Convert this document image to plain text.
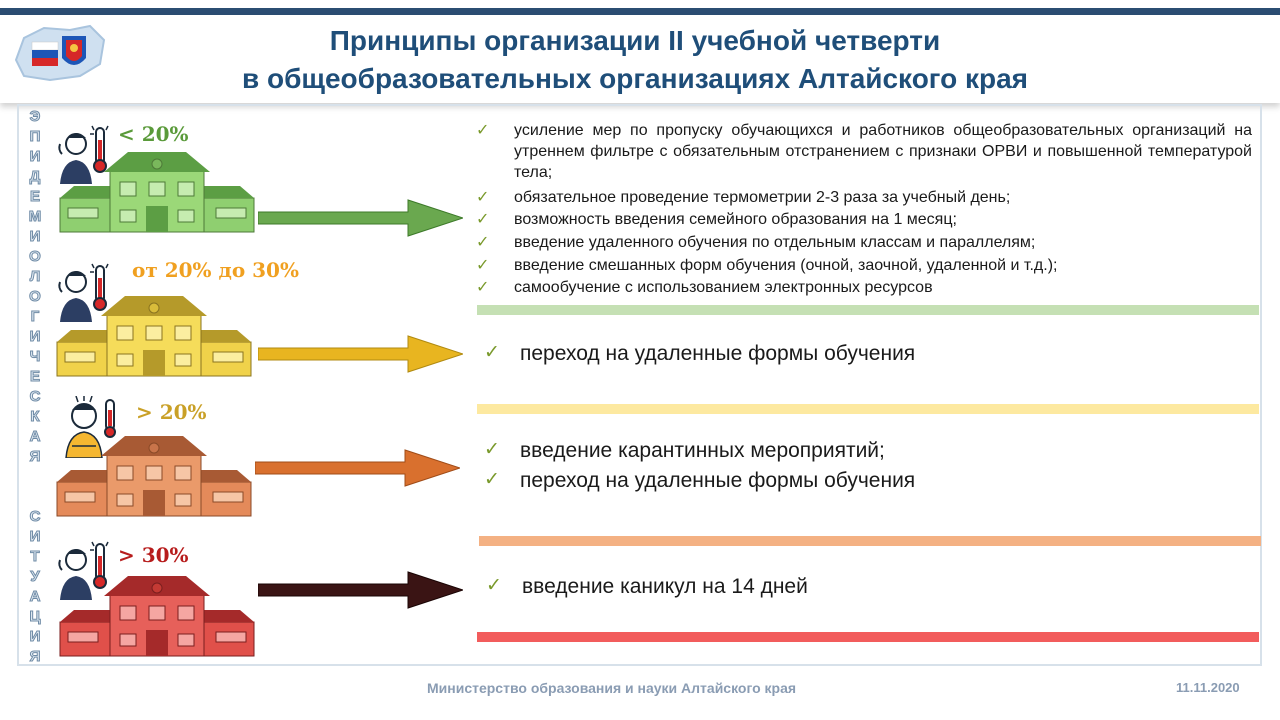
Принципы организации II учебной четверти
в общеобразовательных организациях Алтайского края
Э
П
И
Д
Е
М
И
О
Л
О
Г
И
Ч
Е
С
К
А
Я
С
И
Т
У
А
Ц
И
Я
< 20%	✓ усиление мер по пропуску обучающихся и работников общеобразовательных организаций на утреннем фильтре с обязательным отстранением с признаки ОРВИ и повышенной температурой тела;
✓ обязательное проведение термометрии 2-3 раза за учебный день;
✓ возможность введения семейного образования на 1 месяц;
✓ введение удаленного обучения по отдельным классам и параллелям;
✓ введение смешанных форм обучения (очной, заочной, удаленной и т.д.);
✓ самообучение с использованием электронных ресурсов
от 20% до 30%
✓ переход на удаленные формы обучения
> 20%
✓ введение карантинных мероприятий;
✓ переход на удаленные формы обучения
> 30%
✓ введение каникул на 14 дней
Министерство образования и науки Алтайского края	11.11.2020
